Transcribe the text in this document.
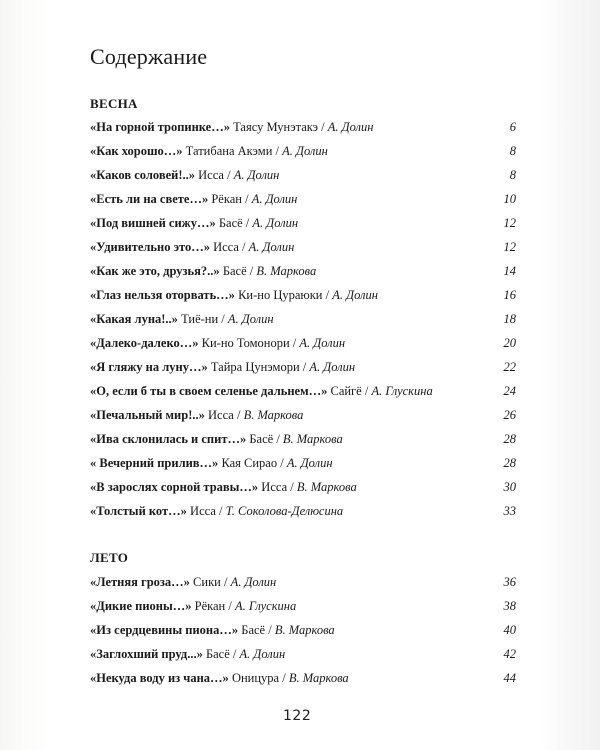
Содержание
ВЕСНА
«На горной тропинке…» Таясу Мунэтакэ / А. Долин	6
«Как хорошо…» Татибана Акэми / А. Долин	8
«Каков соловей!..» Исса / А. Долин	8
«Есть ли на свете…» Рёкан / А. Долин	10
«Под вишней сижу…» Басё / А. Долин	12
«Удивительно это…» Исса / А. Долин	12
«Как же это, друзья?..» Басё / В. Маркова	14
«Глаз нельзя оторвать…» Ки-но Цураюки / А. Долин	16
«Какая луна!..» Тиё-ни / А. Долин	18
«Далеко-далеко…» Ки-но Томонори / А. Долин	20
«Я гляжу на луну…» Тайра Цунэмори / А. Долин	22
«О, если б ты в своем селенье дальнем…» Сайгё / А. Глускина	24
«Печальный мир!..» Исса / В. Маркова	26
«Ива склонилась и спит…» Басё / В. Маркова	28
« Вечерний прилив…» Кая Сирао / А. Долин	28
«В зарослях сорной травы…» Исса / В. Маркова	30
«Толстый кот…» Исса / Т. Соколова-Делюсина	33
ЛЕТО
«Летняя гроза…» Сики / А. Долин	36
«Дикие пионы…» Рёкан / А. Глускина	38
«Из сердцевины пиона…» Басё / В. Маркова	40
«Заглохший пруд...» Басё / А. Долин	42
«Некуда воду из чана…» Оницура / В. Маркова	44
122
